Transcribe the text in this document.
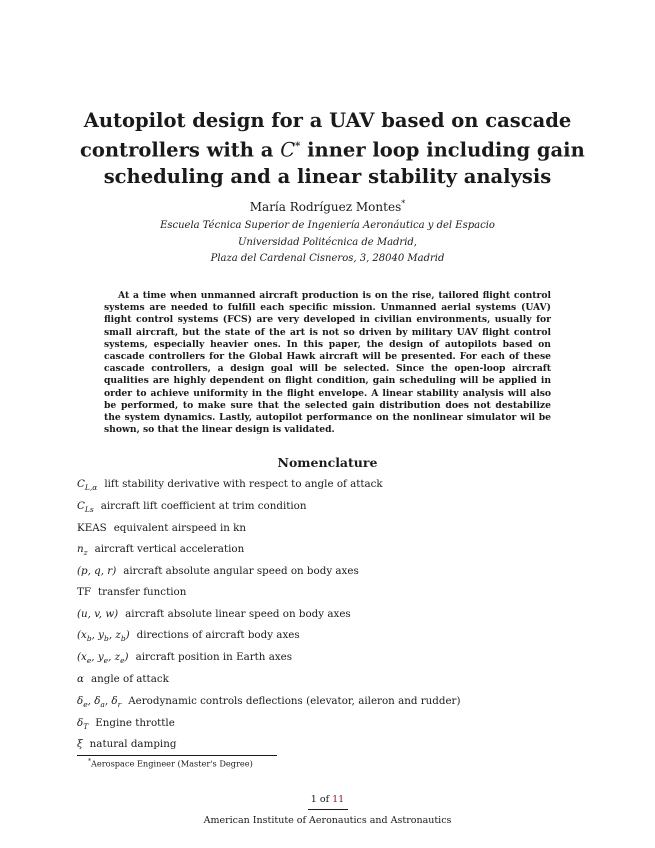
Autopilot design for a UAV based on cascade
controllers with a C* inner loop including gain
scheduling and a linear stability analysis
María Rodríguez Montes*
Escuela Técnica Superior de Ingeniería Aeronáutica y del Espacio
Universidad Politécnica de Madrid,
Plaza del Cardenal Cisneros, 3, 28040 Madrid

At a time when unmanned aircraft production is on the rise, tailored flight control systems are needed to fulfill each specific mission. Unmanned aerial systems (UAV) flight control systems (FCS) are very developed in civilian environments, usually for small aircraft, but the state of the art is not so driven by military UAV flight control systems, especially heavier ones. In this paper, the design of autopilots based on cascade controllers for the Global Hawk aircraft will be presented. For each of these cascade controllers, a design goal will be selected. Since the open-loop aircraft qualities are highly dependent on flight condition, gain scheduling will be applied in order to achieve uniformity in the flight envelope. A linear stability analysis will also be performed, to make sure that the selected gain distribution does not destabilize the system dynamics. Lastly, autopilot performance on the nonlinear simulator wil be shown, so that the linear design is validated.

Nomenclature
$C_{L,\alpha}$ lift stability derivative with respect to angle of attack
$C_{Ls}$ aircraft lift coefficient at trim condition
KEAS equivalent airspeed in kn
$n_z$ aircraft vertical acceleration
(p, q, r) aircraft absolute angular speed on body axes
TF transfer function
(u, v, w) aircraft absolute linear speed on body axes
($x_b$, $y_b$, $z_b$) directions of aircraft body axes
($x_e$, $y_e$, $z_e$) aircraft position in Earth axes
α angle of attack
$\delta_e$, $\delta_a$, $\delta_r$ Aerodynamic controls deflections (elevator, aileron and rudder)
$\delta_T$ Engine throttle
ξ natural damping
*Aerospace Engineer (Master's Degree)
1 of 11
American Institute of Aeronautics and Astronautics
